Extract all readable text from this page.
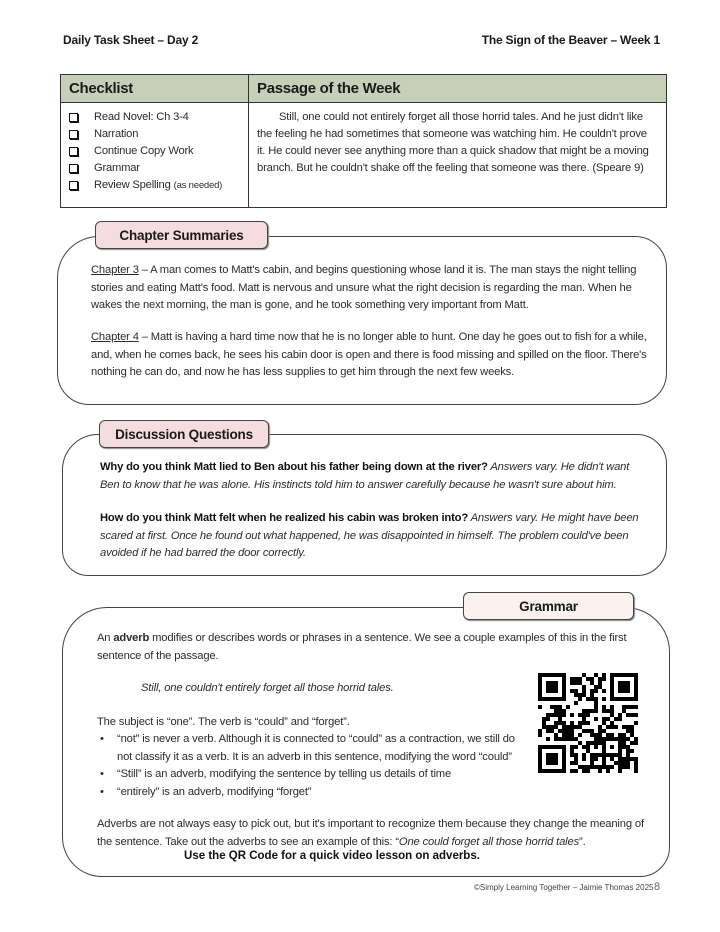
Daily Task Sheet – Day 2	The Sign of the Beaver – Week 1
Checklist
Read Novel: Ch 3-4
Narration
Continue Copy Work
Grammar
Review Spelling (as needed)
Passage of the Week

Still, one could not entirely forget all those horrid tales. And he just didn't like the feeling he had sometimes that someone was watching him. He couldn't prove it. He could never see anything more than a quick shadow that might be a moving branch. But he couldn't shake off the feeling that someone was there. (Speare 9)

Chapter Summaries

Chapter 3 – A man comes to Matt's cabin, and begins questioning whose land it is. The man stays the night telling stories and eating Matt's food. Matt is nervous and unsure what the right decision is regarding the man. When he wakes the next morning, the man is gone, and he took something very important from Matt.

Chapter 4 – Matt is having a hard time now that he is no longer able to hunt. One day he goes out to fish for a while, and, when he comes back, he sees his cabin door is open and there is food missing and spilled on the floor. There's nothing he can do, and now he has less supplies to get him through the next few weeks.

Discussion Questions

Why do you think Matt lied to Ben about his father being down at the river? Answers vary. He didn't want Ben to know that he was alone. His instincts told him to answer carefully because he wasn't sure about him.

How do you think Matt felt when he realized his cabin was broken into? Answers vary. He might have been scared at first. Once he found out what happened, he was disappointed in himself. The problem could've been avoided if he had barred the door correctly.

Grammar

An adverb modifies or describes words or phrases in a sentence. We see a couple examples of this in the first sentence of the passage.

Still, one couldn't entirely forget all those horrid tales.

The subject is “one”. The verb is “could” and “forget”.

• “not” is never a verb. Although it is connected to “could” as a contraction, we still do not classify it as a verb. It is an adverb in this sentence, modifying the word “could”
• “Still” is an adverb, modifying the sentence by telling us details of time
• “entirely” is an adverb, modifying “forget”

Adverbs are not always easy to pick out, but it's important to recognize them because they change the meaning of the sentence. Take out the adverbs to see an example of this: “One could forget all those horrid tales”.

Use the QR Code for a quick video lesson on adverbs.

©Simply Learning Together – Jaimie Thomas 2025 8
